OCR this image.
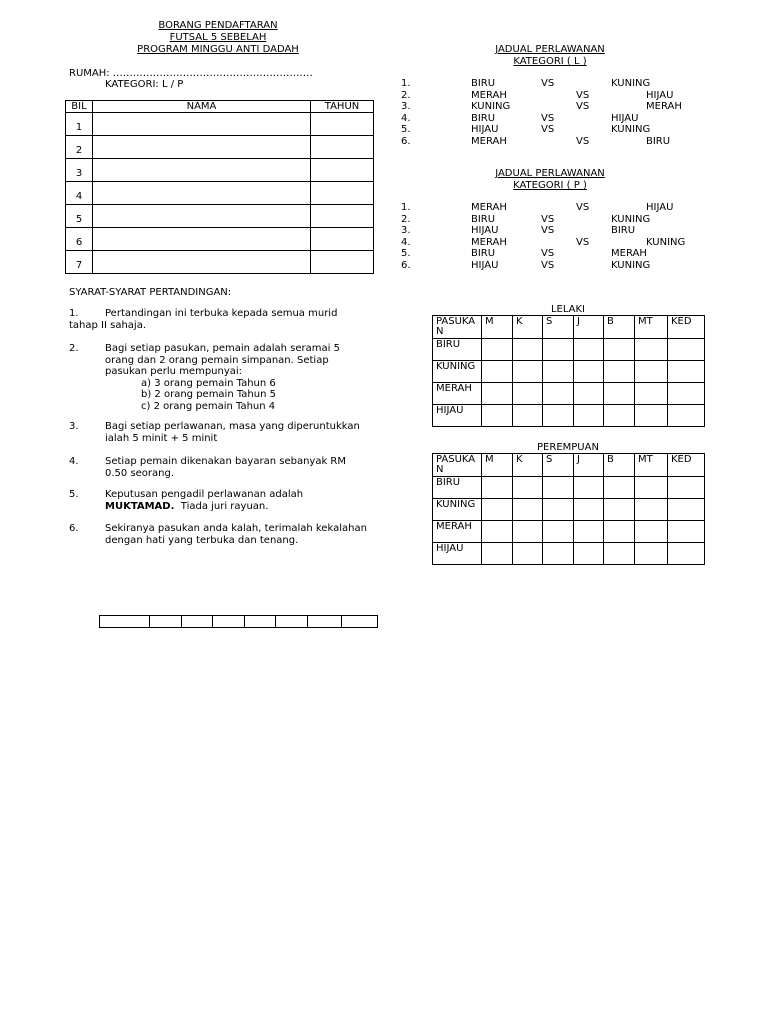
BORANG PENDAFTARAN
FUTSAL 5 SEBELAH
PROGRAM MINGGU ANTI DADAH
RUMAH: ……………………………………………………
KATEGORI: L / P
BIL	NAMA	TAHUN
1		
2		
3		
4		
5		
6		
7		
SYARAT-SYARAT PERTANDINGAN:
1.	Pertandingan ini terbuka kepada semua murid tahap II sahaja.
2.	Bagi setiap pasukan, pemain adalah seramai 5 orang dan 2 orang pemain simpanan. Setiap pasukan perlu mempunyai:
a) 3 orang pemain Tahun 6
b) 2 orang pemain Tahun 5
c) 2 orang pemain Tahun 4
3.	Bagi setiap perlawanan, masa yang diperuntukkan ialah 5 minit + 5 minit
4.	Setiap pemain dikenakan bayaran sebanyak RM 0.50 seorang.
5.	Keputusan pengadil perlawanan adalah
MUKTAMAD. Tiada juri rayuan.
6.	Sekiranya pasukan anda kalah, terimalah kekalahan dengan hati yang terbuka dan tenang.

JADUAL PERLAWANAN
KATEGORI ( L )
1.	BIRU	VS	KUNING
2.	MERAH	VS	HIJAU
3.	KUNING	VS	MERAH
4.	BIRU	VS	HIJAU
5.	HIJAU	VS	KUNING
6.	MERAH	VS	BIRU
JADUAL PERLAWANAN
KATEGORI ( P )
1.	MERAH	VS	HIJAU
2.	BIRU	VS	KUNING
3.	HIJAU	VS	BIRU
4.	MERAH	VS	KUNING
5.	BIRU	VS	MERAH
6.	HIJAU	VS	KUNING
LELAKI
PASUKAN	M	K	S	J	B	MT	KED
BIRU							
KUNING							
MERAH							
HIJAU							
PEREMPUAN
PASUKAN	M	K	S	J	B	MT	KED
BIRU							
KUNING							
MERAH							
HIJAU							
